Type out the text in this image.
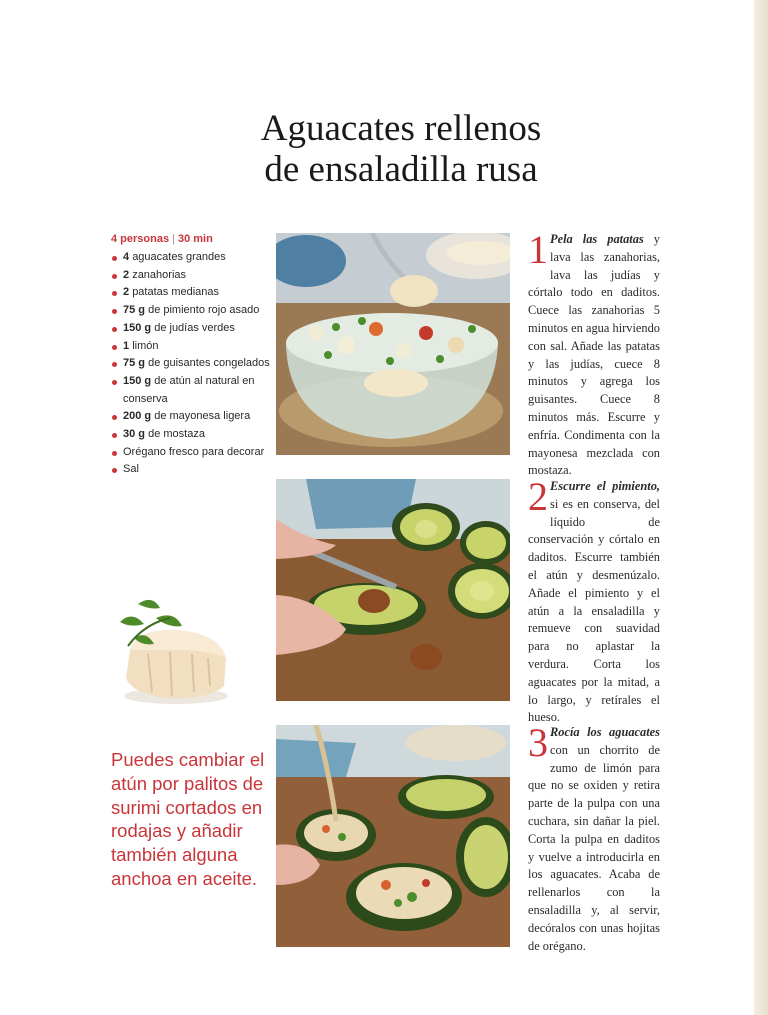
Aguacates rellenos
de ensaladilla rusa
4 personas | 30 min
4 aguacates grandes
2 zanahorias
2 patatas medianas
75 g de pimiento rojo asado
150 g de judías verdes
1 limón
75 g de guisantes congelados
150 g de atún al natural en conserva
200 g de mayonesa ligera
30 g de mostaza
Orégano fresco para decorar
Sal

Puedes cambiar el atún por palitos de surimi cortados en rodajas y añadir también alguna anchoa en aceite.

1 Pela las patatas y lava las zanahorias, lava las judías y córtalo todo en daditos. Cuece las zanahorias 5 minutos en agua hirviendo con sal. Añade las patatas y las judías, cuece 8 minutos y agrega los guisantes. Cuece 8 minutos más. Escurre y enfría. Condimenta con la mayonesa mezclada con mostaza.

2 Escurre el pimiento, si es en conserva, del líquido de conservación y córtalo en daditos. Escurre también el atún y desmenúzalo. Añade el pimiento y el atún a la ensaladilla y remueve con suavidad para no aplastar la verdura. Corta los aguacates por la mitad, a lo largo, y retírales el hueso.

3 Rocía los aguacates con un chorrito de zumo de limón para que no se oxiden y retira parte de la pulpa con una cuchara, sin dañar la piel. Corta la pulpa en daditos y vuelve a introducirla en los aguacates. Acaba de rellenarlos con la ensaladilla y, al servir, decóralos con unas hojitas de orégano.
